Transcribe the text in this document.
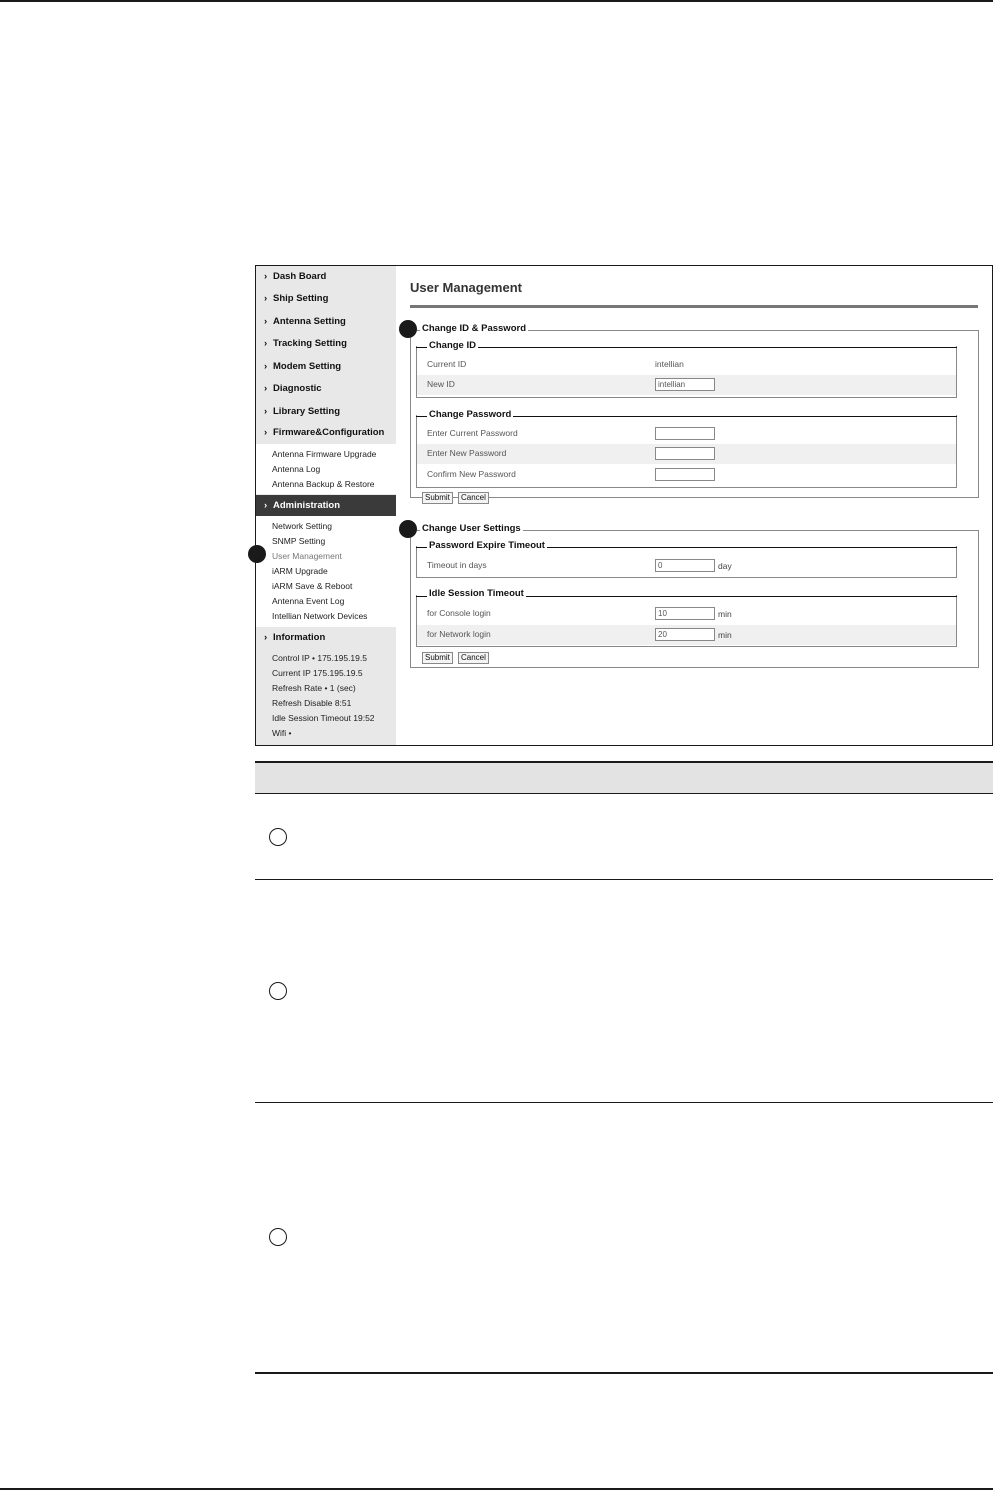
› Dash Board
› Ship Setting
› Antenna Setting
› Tracking Setting
› Modem Setting
› Diagnostic
› Library Setting
› Firmware&Configuration
Antenna Firmware Upgrade
Antenna Log
Antenna Backup & Restore
› Administration
Network Setting
SNMP Setting
User Management
iARM Upgrade
iARM Save & Reboot
Antenna Event Log
Intellian Network Devices
› Information
Control IP • 175.195.19.5
Current IP 175.195.19.5
Refresh Rate • 1 (sec)
Refresh Disable 8:51
Idle Session Timeout 19:52
Wifi •
User Management
Change ID & Password
Change ID
Current ID	intellian
New ID	intellian
Change Password
Enter Current Password
Enter New Password
Confirm New Password
Submit	Cancel
Change User Settings
Password Expire Timeout
Timeout in days	0	day
Idle Session Timeout
for Console login	10	min
for Network login	20	min
Submit	Cancel
